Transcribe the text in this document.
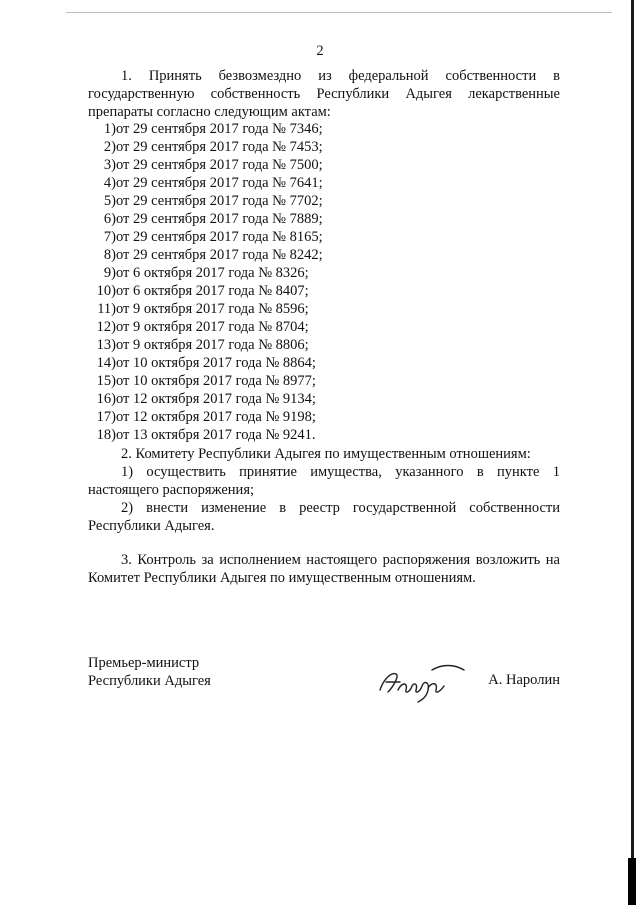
2
1. Принять безвозмездно из федеральной собственности в государственную собственность Республики Адыгея лекарственные препараты согласно следующим актам:
1) от 29 сентября 2017 года № 7346;
2) от 29 сентября 2017 года № 7453;
3) от 29 сентября 2017 года № 7500;
4) от 29 сентября 2017 года № 7641;
5) от 29 сентября 2017 года № 7702;
6) от 29 сентября 2017 года № 7889;
7) от 29 сентября 2017 года № 8165;
8) от 29 сентября 2017 года № 8242;
9) от 6 октября 2017 года № 8326;
10) от 6 октября 2017 года № 8407;
11) от 9 октября 2017 года № 8596;
12) от 9 октября 2017 года № 8704;
13) от 9 октября 2017 года № 8806;
14) от 10 октября 2017 года № 8864;
15) от 10 октября 2017 года № 8977;
16) от 12 октября 2017 года № 9134;
17) от 12 октября 2017 года № 9198;
18) от 13 октября 2017 года № 9241.
2. Комитету Республики Адыгея по имущественным отношениям:
1) осуществить принятие имущества, указанного в пункте 1 настоящего распоряжения;
2) внести изменение в реестр государственной собственности Республики Адыгея.
3. Контроль за исполнением настоящего распоряжения возложить на Комитет Республики Адыгея по имущественным отношениям.
Премьер-министр
Республики Адыгея	А. Наролин
